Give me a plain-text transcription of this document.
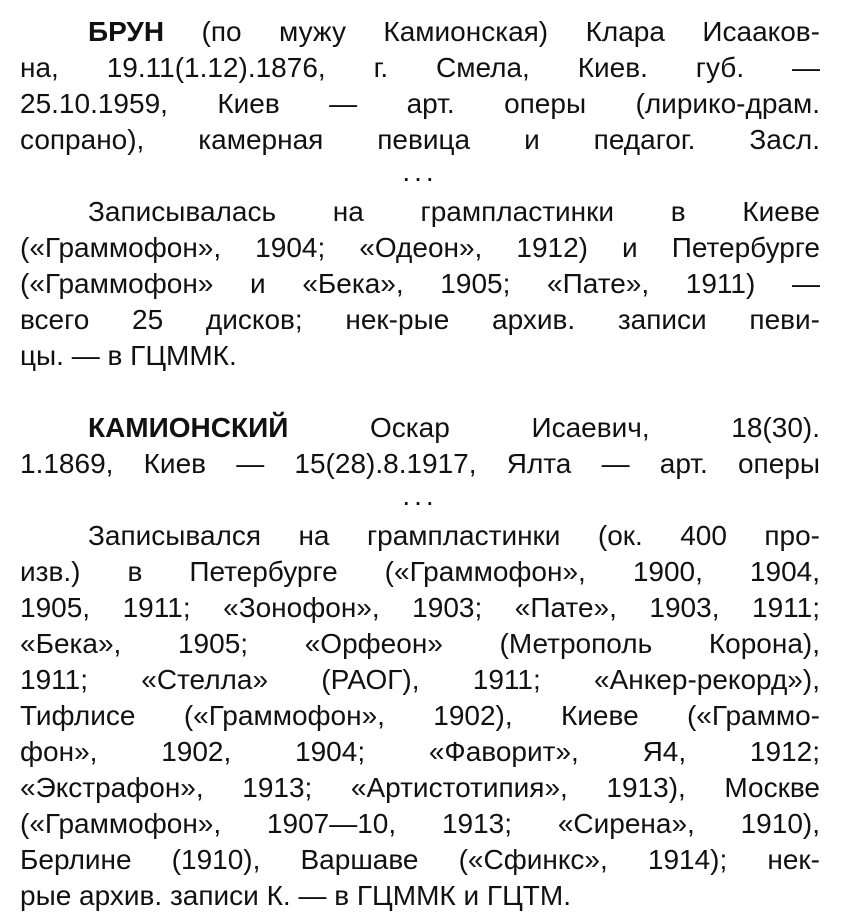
БРУН (по мужу Камионская) Клара Исааков-
на, 19.11(1.12).1876, г. Смела, Киев. губ. —
25.10.1959, Киев — арт. оперы (лирико-драм.
сопрано), камерная певица и педагог. Засл.
...
Записывалась на грампластинки в Киеве
(«Граммофон», 1904; «Одеон», 1912) и Петербурге
(«Граммофон» и «Бека», 1905; «Пате», 1911) —
всего 25 дисков; нек-рые архив. записи певи-
цы. — в ГЦММК.
КАМИОНСКИЙ	Оскар Исаевич, 18(30).
1.1869, Киев — 15(28).8.1917, Ялта — арт. оперы
...
Записывался на грампластинки (ок. 400 про-
изв.) в Петербурге («Граммофон», 1900, 1904,
1905, 1911; «Зонофон», 1903; «Пате», 1903, 1911;
«Бека», 1905; «Орфеон» (Метрополь Корона),
1911; «Стелла» (РАОГ), 1911; «Анкер-рекорд»),
Тифлисе («Граммофон», 1902), Киеве («Граммо-
фон», 1902, 1904; «Фаворит», Я4, 1912;
«Экстрафон», 1913; «Артистотипия», 1913), Москве
(«Граммофон», 1907—10, 1913; «Сирена», 1910),
Берлине (1910), Варшаве («Сфинкс», 1914); нек-
рые архив. записи К. — в ГЦММК и ГЦТМ.
